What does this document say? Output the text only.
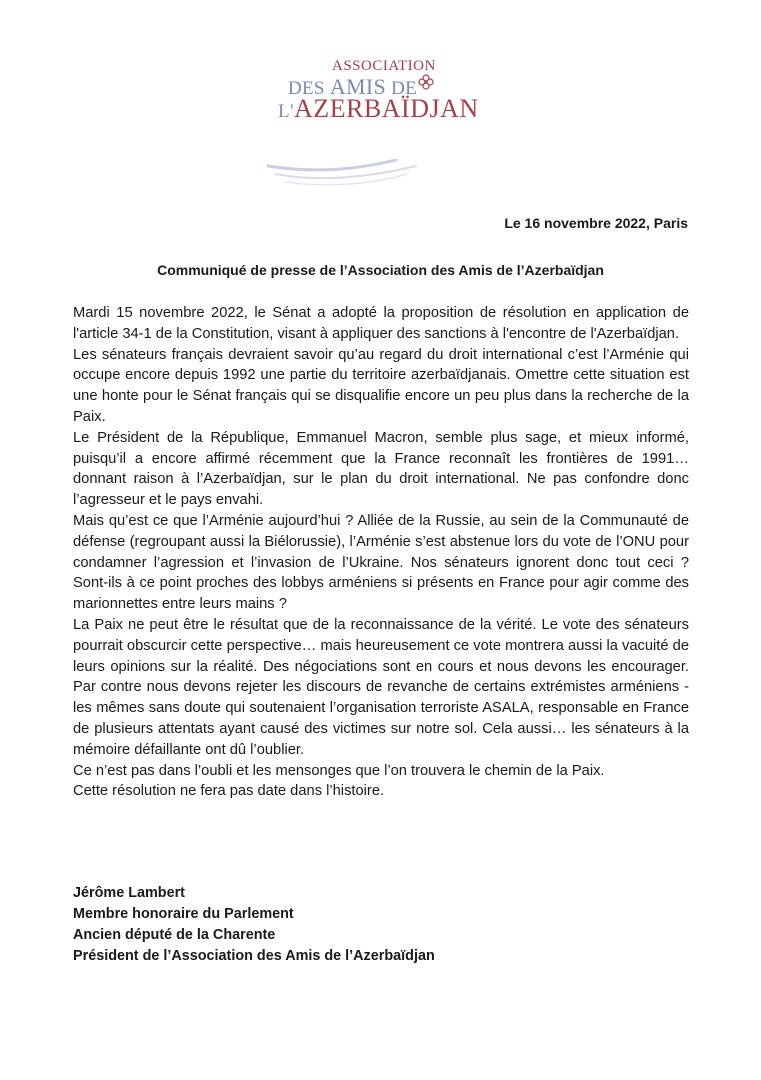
ASSOCIATION
DES AMIS DE
L'AZERBAÏDJAN
Le 16 novembre 2022, Paris
Communiqué de presse de l’Association des Amis de l’Azerbaïdjan

Mardi 15 novembre 2022, le Sénat a adopté la proposition de résolution en application de l'article 34-1 de la Constitution, visant à appliquer des sanctions à l'encontre de l'Azerbaïdjan.

Les sénateurs français devraient savoir qu’au regard du droit international c’est l’Arménie qui occupe encore depuis 1992 une partie du territoire azerbaïdjanais. Omettre cette situation est une honte pour le Sénat français qui se disqualifie encore un peu plus dans la recherche de la Paix.

Le Président de la République, Emmanuel Macron, semble plus sage, et mieux informé, puisqu’il a encore affirmé récemment que la France reconnaît les frontières de 1991… donnant raison à l’Azerbaïdjan, sur le plan du droit international. Ne pas confondre donc l’agresseur et le pays envahi.

Mais qu’est ce que l’Arménie aujourd’hui ? Alliée de la Russie, au sein de la Communauté de défense (regroupant aussi la Biélorussie), l’Arménie s’est abstenue lors du vote de l’ONU pour condamner l’agression et l’invasion de l’Ukraine. Nos sénateurs ignorent donc tout ceci ? Sont-ils à ce point proches des lobbys arméniens si présents en France pour agir comme des marionnettes entre leurs mains ?

La Paix ne peut être le résultat que de la reconnaissance de la vérité. Le vote des sénateurs pourrait obscurcir cette perspective… mais heureusement ce vote montrera aussi la vacuité de leurs opinions sur la réalité. Des négociations sont en cours et nous devons les encourager. Par contre nous devons rejeter les discours de revanche de certains extrémistes arméniens - les mêmes sans doute qui soutenaient l’organisation terroriste ASALA, responsable en France de plusieurs attentats ayant causé des victimes sur notre sol. Cela aussi… les sénateurs à la mémoire défaillante ont dû l’oublier.

Ce n’est pas dans l’oubli et les mensonges que l’on trouvera le chemin de la Paix.

Cette résolution ne fera pas date dans l’histoire.

Jérôme Lambert
Membre honoraire du Parlement
Ancien député de la Charente
Président de l’Association des Amis de l’Azerbaïdjan
